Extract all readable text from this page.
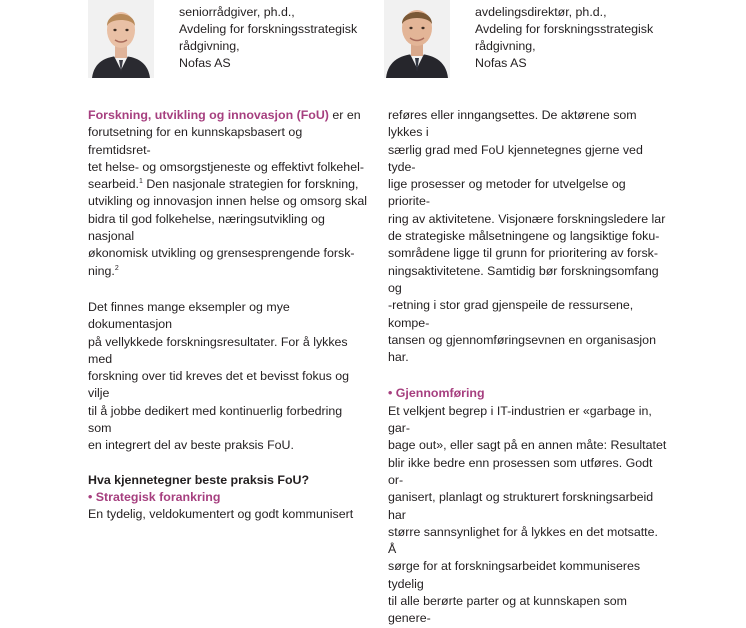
seniorrådgiver, ph.d.,
Avdeling for forskningsstrategisk
rådgivning,
Nofas AS
avdelingsdirektør, ph.d.,
Avdeling for forskningsstrategisk
rådgivning,
Nofas AS
Forskning, utvikling og innovasjon (FoU) er en
forutsetning for en kunnskapsbasert og fremtidsret-
tet helse- og omsorgstjeneste og effektivt folkehel-
searbeid.$^1$ Den nasjonale strategien for forskning,
utvikling og innovasjon innen helse og omsorg skal
bidra til god folkehelse, næringsutvikling og nasjonal
økonomisk utvikling og grensesprengende forsk-
ning.$^2$
Det finnes mange eksempler og mye dokumentasjon
på vellykkede forskningsresultater. For å lykkes med
forskning over tid kreves det et bevisst fokus og vilje
til å jobbe dedikert med kontinuerlig forbedring som
en integrert del av beste praksis FoU.
Hva kjennetegner beste praksis FoU?
• Strategisk forankring
En tydelig, veldokumentert og godt kommunisert
reføres eller inngangsettes. De aktørene som lykkes i
særlig grad med FoU kjennetegnes gjerne ved tyde-
lige prosesser og metoder for utvelgelse og priorite-
ring av aktivitetene. Visjonære forskningsledere lar
de strategiske målsetningene og langsiktige foku-
sområdene ligge til grunn for prioritering av forsk-
ningsaktivitetene. Samtidig bør forskningsomfang og
-retning i stor grad gjenspeile de ressursene, kompe-
tansen og gjennomføringsevnen en organisasjon har.
• Gjennomføring
Et velkjent begrep i IT-industrien er «garbage in, gar-
bage out», eller sagt på en annen måte: Resultatet
blir ikke bedre enn prosessen som utføres. Godt or-
ganisert, planlagt og strukturert forskningsarbeid har
større sannsynlighet for å lykkes en det motsatte. Å
sørge for at forskningsarbeidet kommuniseres tydelig
til alle berørte parter og at kunnskapen som genere-
